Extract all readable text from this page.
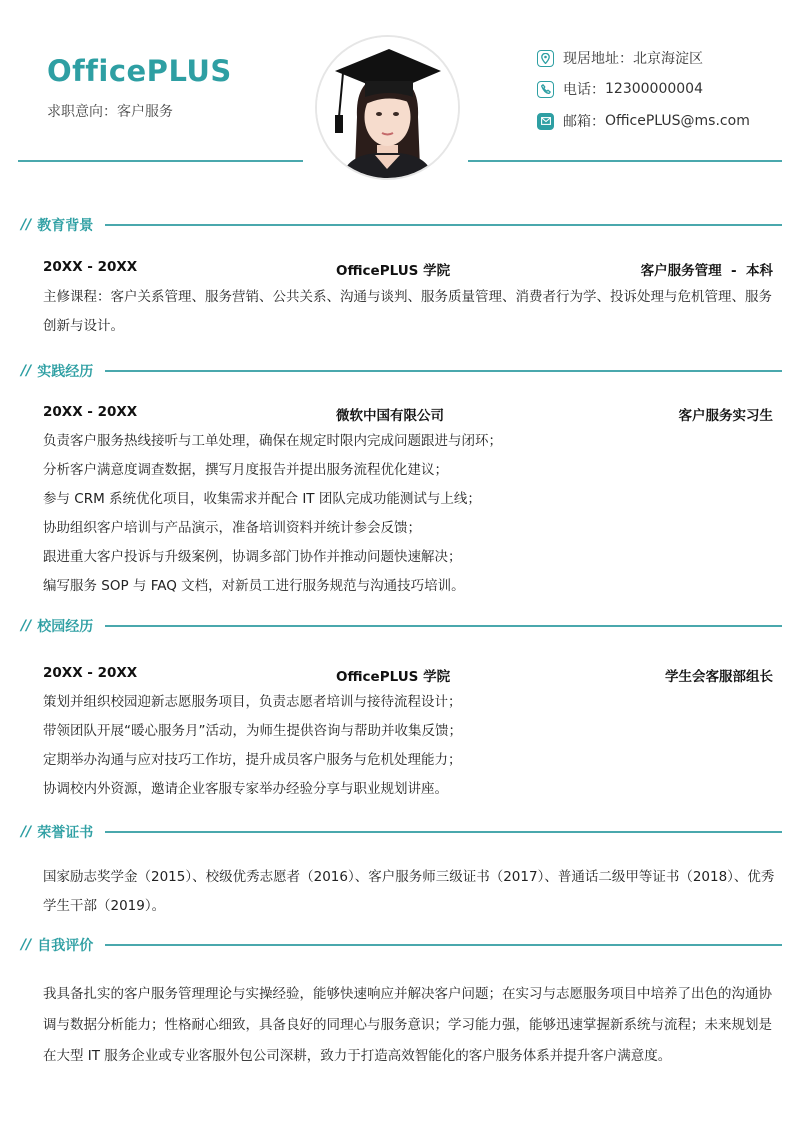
OfficePLUS
求职意向：客户服务
现居地址： 北京海淀区
电话： 12300000004
邮箱： OfficePLUS@ms.com
// 教育背景
20XX - 20XX	OfficePLUS 学院	客户服务管理  -  本科

主修课程：客户关系管理、服务营销、公共关系、沟通与谈判、服务质量管理、消费者行为学、投诉处理与危机管理、服务创新与设计。

// 实践经历
20XX - 20XX	微软中国有限公司	客户服务实习生
负责客户服务热线接听与工单处理，确保在规定时限内完成问题跟进与闭环；
分析客户满意度调查数据，撰写月度报告并提出服务流程优化建议；
参与 CRM 系统优化项目，收集需求并配合 IT 团队完成功能测试与上线；
协助组织客户培训与产品演示，准备培训资料并统计参会反馈；
跟进重大客户投诉与升级案例，协调多部门协作并推动问题快速解决；
编写服务 SOP 与 FAQ 文档，对新员工进行服务规范与沟通技巧培训。
// 校园经历
20XX - 20XX	OfficePLUS 学院	学生会客服部组长
策划并组织校园迎新志愿服务项目，负责志愿者培训与接待流程设计；
带领团队开展“暖心服务月”活动，为师生提供咨询与帮助并收集反馈；
定期举办沟通与应对技巧工作坊，提升成员客户服务与危机处理能力；
协调校内外资源，邀请企业客服专家举办经验分享与职业规划讲座。
// 荣誉证书

国家励志奖学金（2015）、校级优秀志愿者（2016）、客户服务师三级证书（2017）、普通话二级甲等证书（2018）、优秀学生干部（2019）。

// 自我评价

我具备扎实的客户服务管理理论与实操经验，能够快速响应并解决客户问题；在实习与志愿服务项目中培养了出色的沟通协调与数据分析能力；性格耐心细致，具备良好的同理心与服务意识；学习能力强，能够迅速掌握新系统与流程；未来规划是在大型 IT 服务企业或专业客服外包公司深耕，致力于打造高效智能化的客户服务体系并提升客户满意度。
